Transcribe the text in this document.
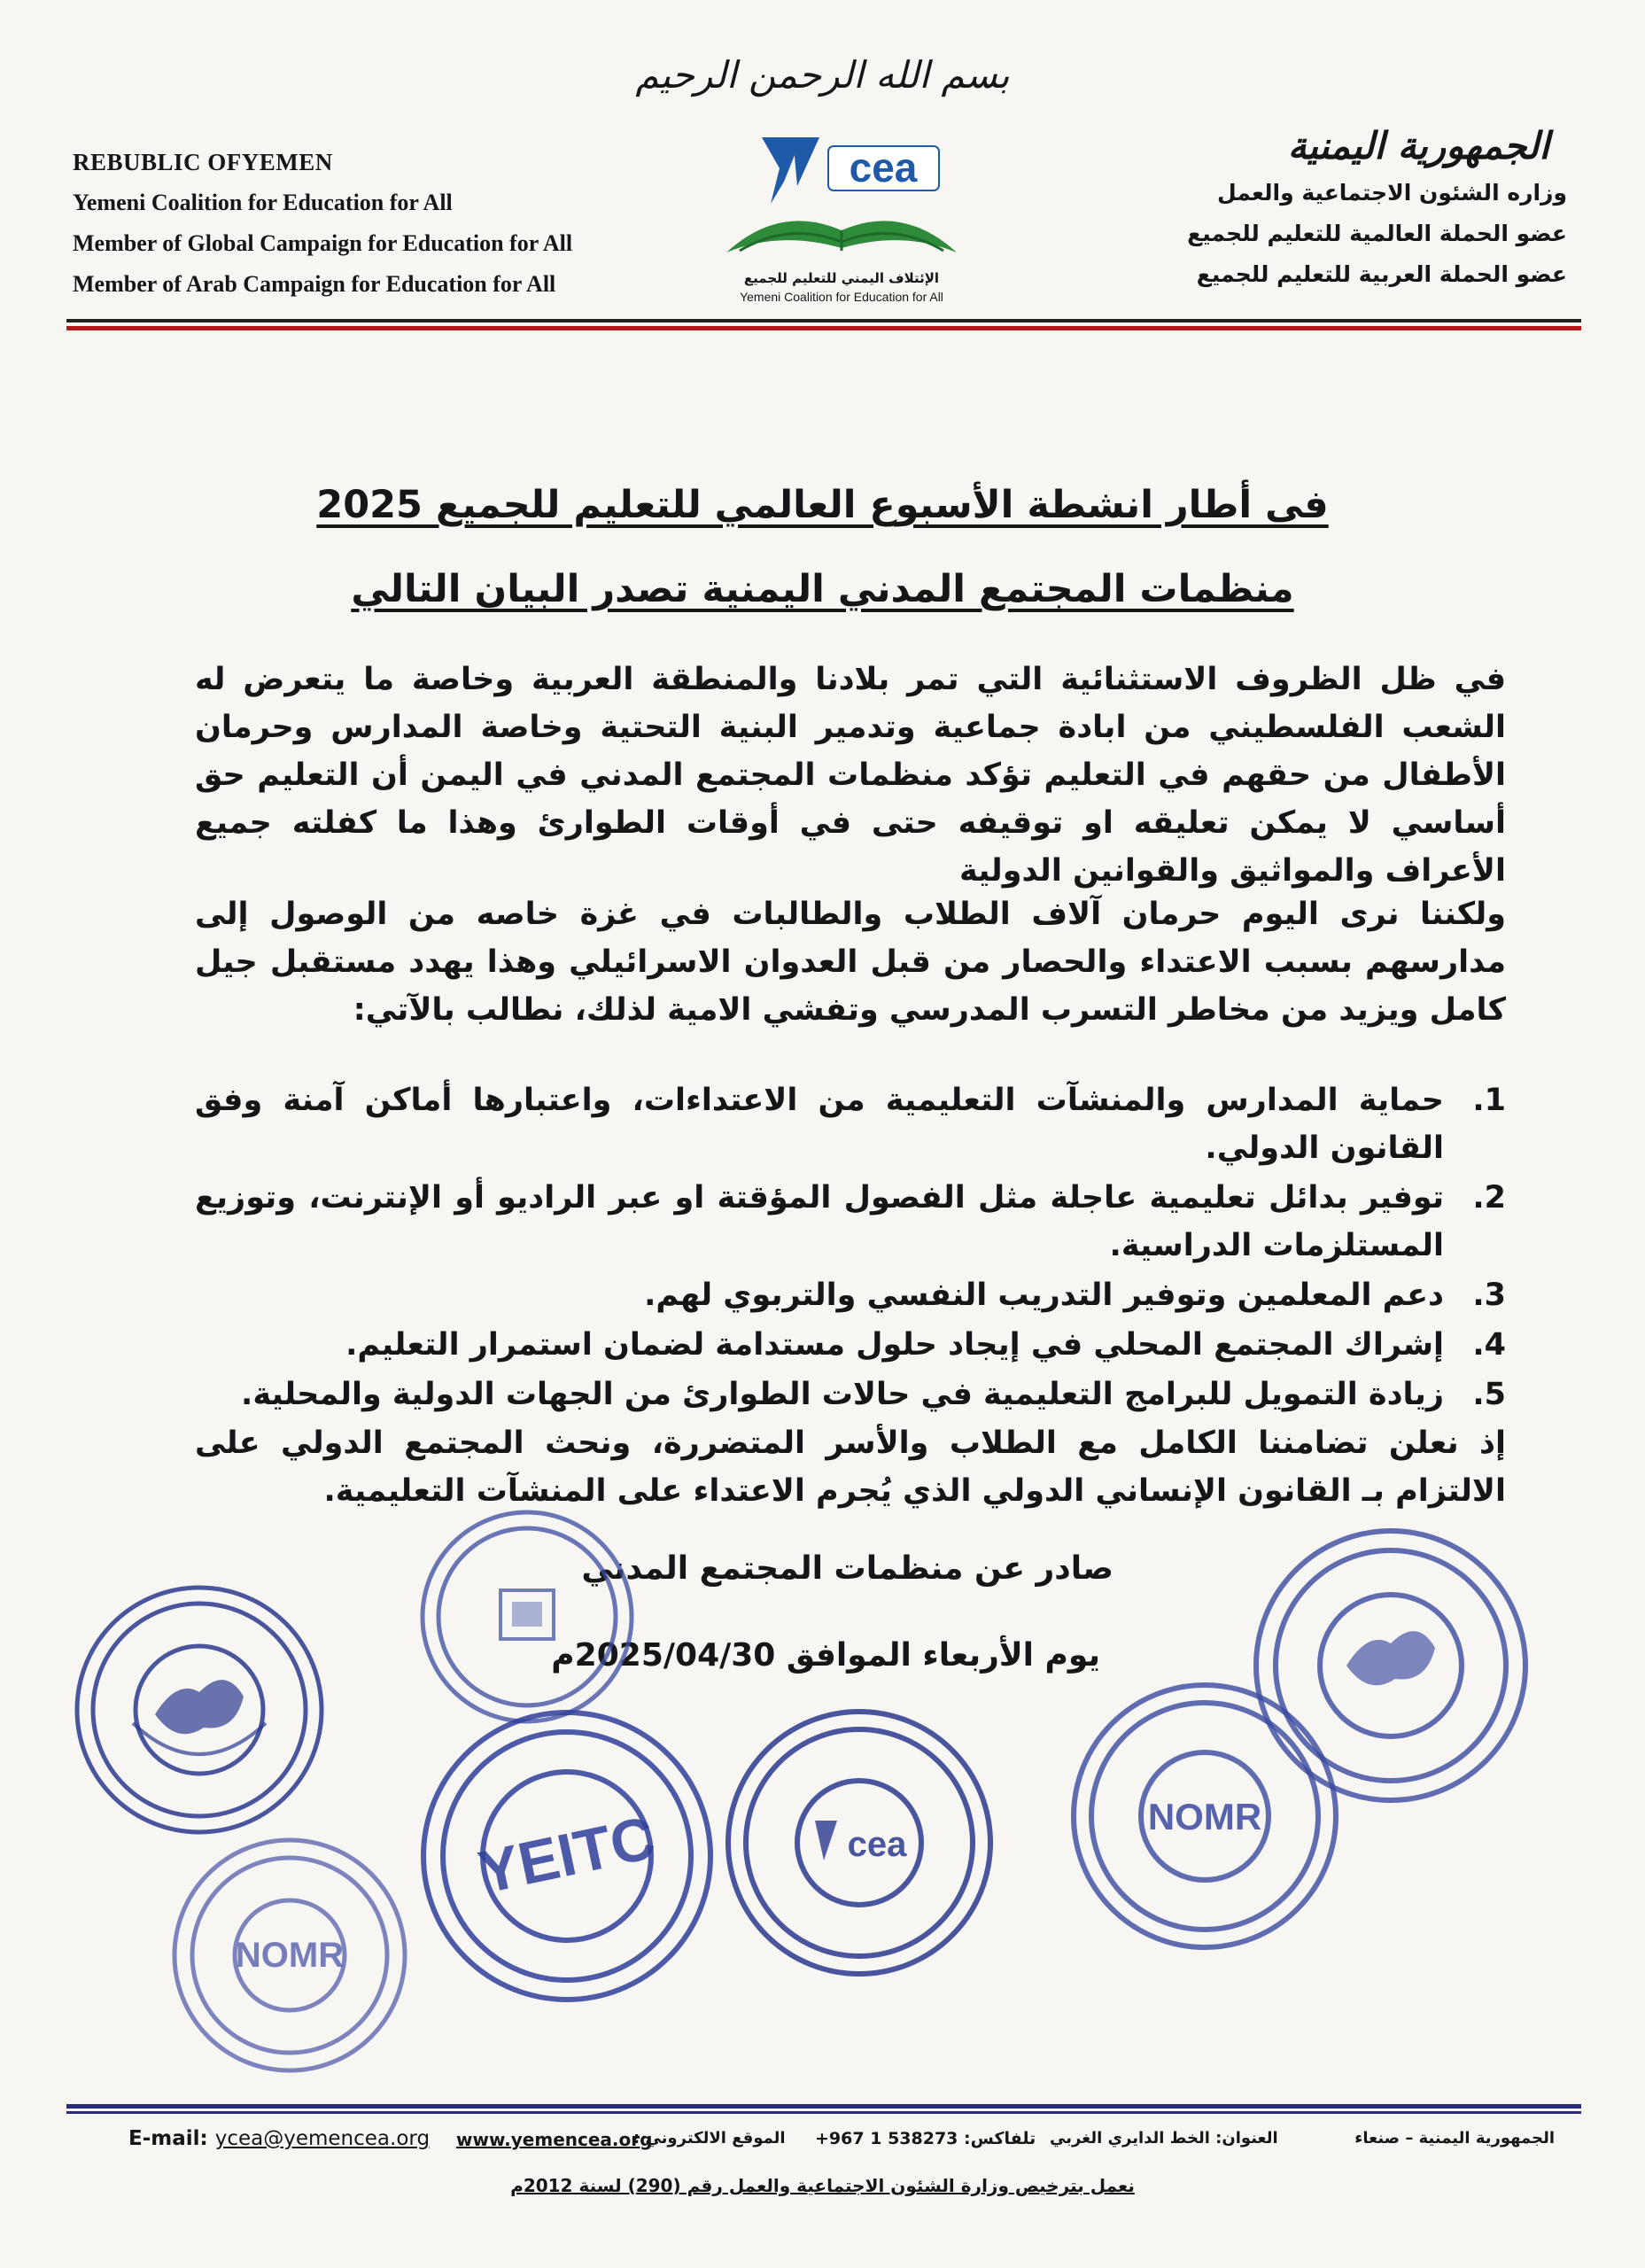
بسم الله الرحمن الرحيم
REBUBLIC OFYEMEN
Yemeni Coalition for Education for All
Member of Global Campaign for Education for All
Member of Arab Campaign for Education for All
cea
الإئتلاف اليمني للتعليم للجميع
Yemeni Coalition for Education for All
الجمهورية اليمنية
وزاره الشئون الاجتماعية والعمل
عضو الحملة العالمية للتعليم للجميع
عضو الحملة العربية للتعليم للجميع
فى أطار انشطة الأسبوع العالمي للتعليم للجميع 2025
منظمات المجتمع المدني اليمنية تصدر البيان التالي
في ظل الظروف الاستثنائية التي تمر بلادنا والمنطقة العربية وخاصة ما يتعرض له الشعب الفلسطيني من ابادة جماعية وتدمير البنية التحتية وخاصة المدارس وحرمان الأطفال من حقهم في التعليم تؤكد منظمات المجتمع المدني في اليمن أن التعليم حق أساسي لا يمكن تعليقه او توقيفه حتى في أوقات الطوارئ وهذا ما كفلته جميع الأعراف والمواثيق والقوانين الدولية
ولكننا نرى اليوم حرمان آلاف الطلاب والطالبات في غزة خاصه من الوصول إلى مدارسهم بسبب الاعتداء والحصار من قبل العدوان الاسرائيلي وهذا يهدد مستقبل جيل كامل ويزيد من مخاطر التسرب المدرسي وتفشي الامية لذلك، نطالب بالآتي:
1.
حماية المدارس والمنشآت التعليمية من الاعتداءات، واعتبارها أماكن آمنة وفق القانون الدولي.
2.
توفير بدائل تعليمية عاجلة مثل الفصول المؤقتة او عبر الراديو أو الإنترنت، وتوزيع المستلزمات الدراسية.
3.
دعم المعلمين وتوفير التدريب النفسي والتربوي لهم.
4.
إشراك المجتمع المحلي في إيجاد حلول مستدامة لضمان استمرار التعليم.
5.
زيادة التمويل للبرامج التعليمية في حالات الطوارئ من الجهات الدولية والمحلية.
إذ نعلن تضامننا الكامل مع الطلاب والأسر المتضررة، ونحث المجتمع الدولي على الالتزام بـ القانون الإنساني الدولي الذي يُجرم الاعتداء على المنشآت التعليمية.
صادر عن منظمات المجتمع المدني
يوم الأربعاء الموافق 2025/04/30م
NOMR
YEITC	cea
NOMR
E-mail: ycea@yemencea.org www.yemencea.org
الموقع الالكتروني : تلفاكس: 538273 1 967+ العنوان: الخط الدايري الغربي	الجمهورية اليمنية – صنعاء
نعمل بترخيص وزارة الشئون الاجتماعية والعمل رقم (290) لسنة 2012م
